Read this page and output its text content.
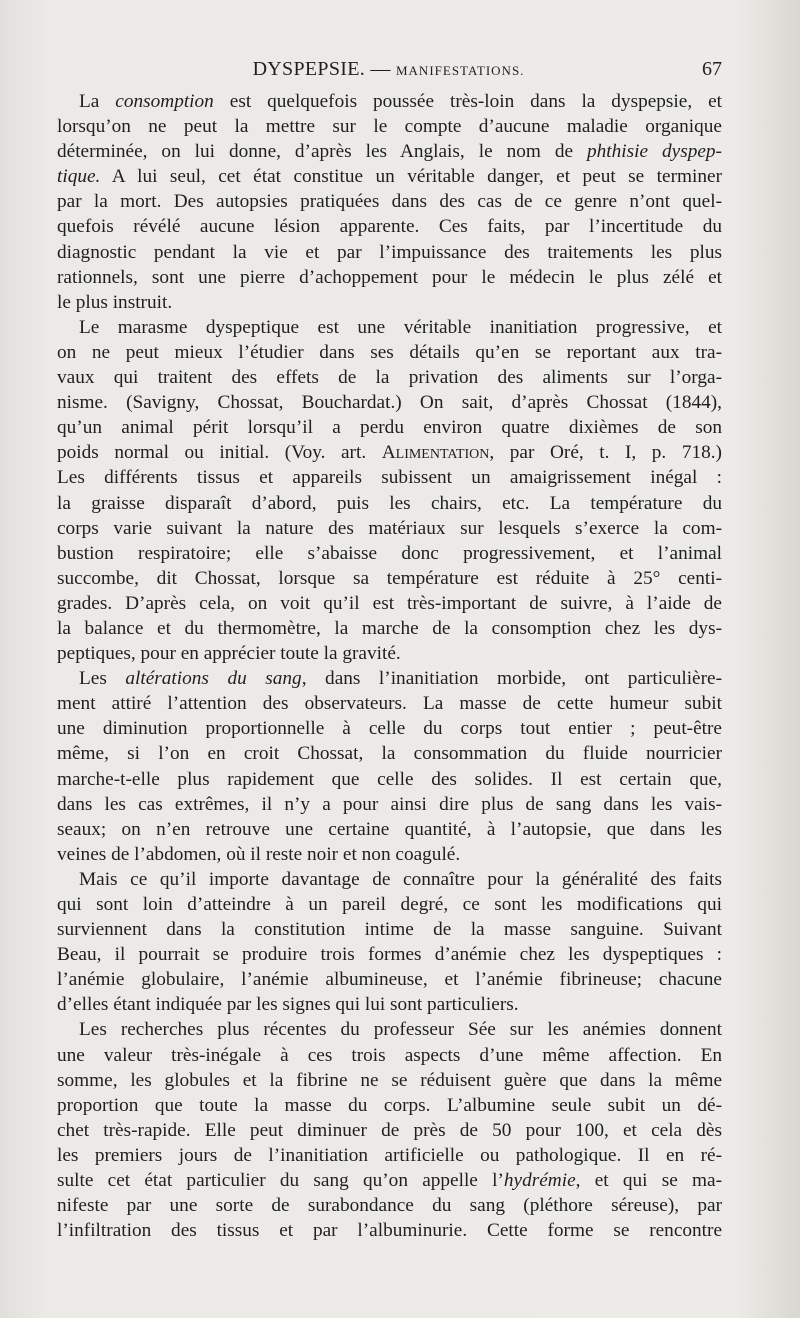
DYSPEPSIE. — MANIFESTATIONS.	67
La consomption est quelquefois poussée très-loin dans la dyspepsie, et
lorsqu’on ne peut la mettre sur le compte d’aucune maladie organique
déterminée, on lui donne, d’après les Anglais, le nom de phthisie dyspep-
tique. A lui seul, cet état constitue un véritable danger, et peut se terminer
par la mort. Des autopsies pratiquées dans des cas de ce genre n’ont quel-
quefois révélé aucune lésion apparente. Ces faits, par l’incertitude du
diagnostic pendant la vie et par l’impuissance des traitements les plus
rationnels, sont une pierre d’achoppement pour le médecin le plus zélé et
le plus instruit.
Le marasme dyspeptique est une véritable inanitiation progressive, et
on ne peut mieux l’étudier dans ses détails qu’en se reportant aux tra-
vaux qui traitent des effets de la privation des aliments sur l’orga-
nisme. (Savigny, Chossat, Bouchardat.) On sait, d’après Chossat (1844),
qu’un animal périt lorsqu’il a perdu environ quatre dixièmes de son
poids normal ou initial. (Voy. art. Alimentation, par Oré, t. I, p. 718.)
Les différents tissus et appareils subissent un amaigrissement inégal :
la graisse disparaît d’abord, puis les chairs, etc. La température du
corps varie suivant la nature des matériaux sur lesquels s’exerce la com-
bustion respiratoire; elle s’abaisse donc progressivement, et l’animal
succombe, dit Chossat, lorsque sa température est réduite à 25° centi-
grades. D’après cela, on voit qu’il est très-important de suivre, à l’aide de
la balance et du thermomètre, la marche de la consomption chez les dys-
peptiques, pour en apprécier toute la gravité.
Les altérations du sang, dans l’inanitiation morbide, ont particulière-
ment attiré l’attention des observateurs. La masse de cette humeur subit
une diminution proportionnelle à celle du corps tout entier ; peut-être
même, si l’on en croit Chossat, la consommation du fluide nourricier
marche-t-elle plus rapidement que celle des solides. Il est certain que,
dans les cas extrêmes, il n’y a pour ainsi dire plus de sang dans les vais-
seaux; on n’en retrouve une certaine quantité, à l’autopsie, que dans les
veines de l’abdomen, où il reste noir et non coagulé.
Mais ce qu’il importe davantage de connaître pour la généralité des faits
qui sont loin d’atteindre à un pareil degré, ce sont les modifications qui
surviennent dans la constitution intime de la masse sanguine. Suivant
Beau, il pourrait se produire trois formes d’anémie chez les dyspeptiques :
l’anémie globulaire, l’anémie albumineuse, et l’anémie fibrineuse; chacune
d’elles étant indiquée par les signes qui lui sont particuliers.
Les recherches plus récentes du professeur Sée sur les anémies donnent
une valeur très-inégale à ces trois aspects d’une même affection. En
somme, les globules et la fibrine ne se réduisent guère que dans la même
proportion que toute la masse du corps. L’albumine seule subit un dé-
chet très-rapide. Elle peut diminuer de près de 50 pour 100, et cela dès
les premiers jours de l’inanitiation artificielle ou pathologique. Il en ré-
sulte cet état particulier du sang qu’on appelle l’hydrémie, et qui se ma-
nifeste par une sorte de surabondance du sang (pléthore séreuse), par
l’infiltration des tissus et par l’albuminurie. Cette forme se rencontre
